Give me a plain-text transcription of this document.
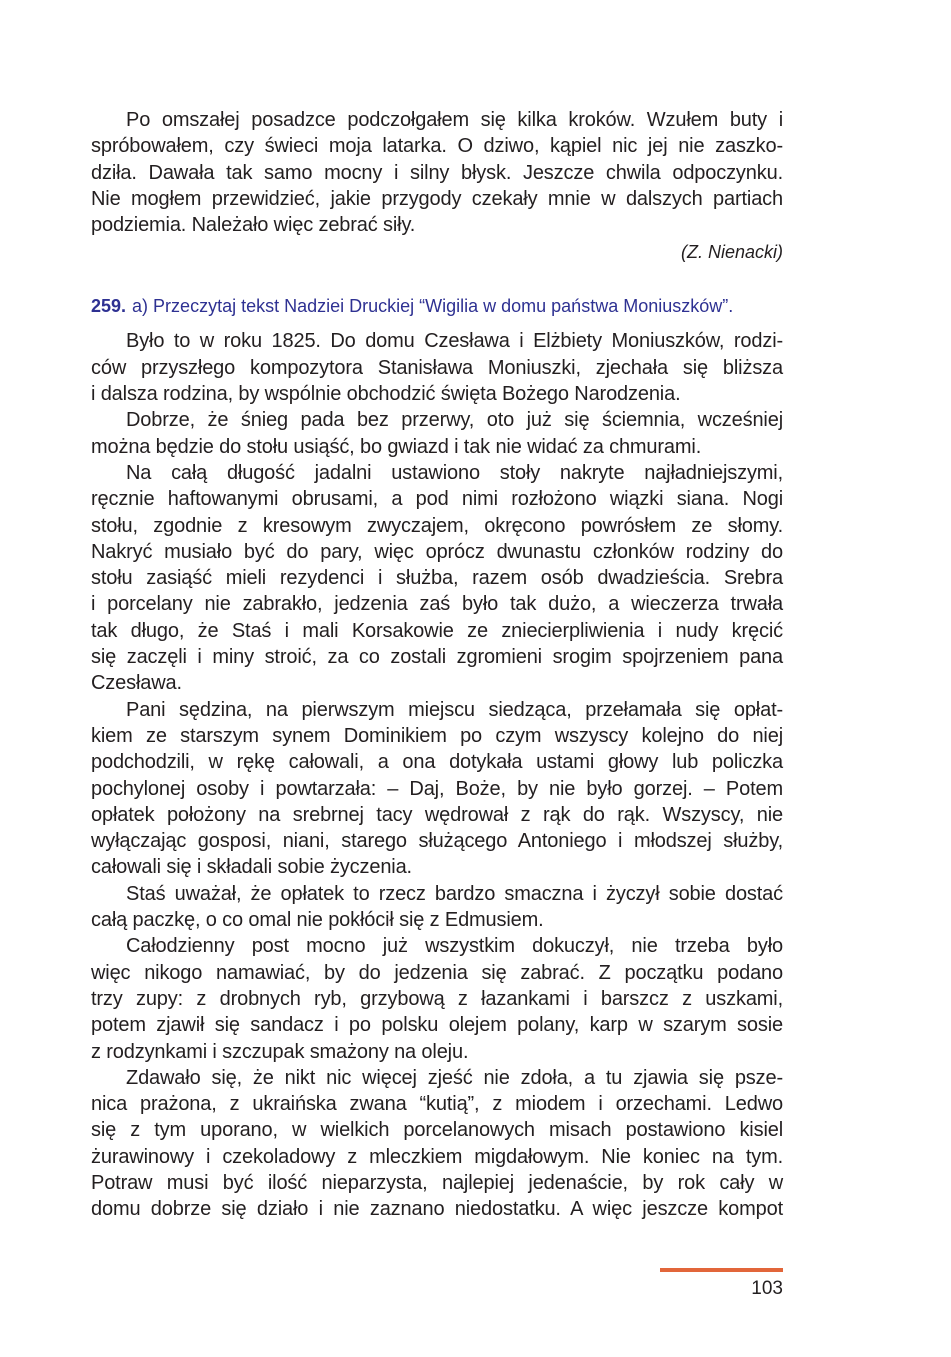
Po omszałej posadzce podczołgałem się kilka kroków. Wzułem buty i
spróbowałem, czy świeci moja latarka. O dziwo, kąpiel nic jej nie zaszko-
dziła. Dawała tak samo mocny i silny błysk. Jeszcze chwila odpoczynku.
Nie mogłem przewidzieć, jakie przygody czekały mnie w dalszych partiach
podziemia. Należało więc zebrać siły.
(Z. Nienacki)
259. a) Przeczytaj tekst Nadziei Druckiej “Wigilia w domu państwa Moniuszków”.
Było to w roku 1825. Do domu Czesława i Elżbiety Moniuszków, rodzi-
ców przyszłego kompozytora Stanisława Moniuszki, zjechała się bliższa
i dalsza rodzina, by wspólnie obchodzić święta Bożego Narodzenia.
Dobrze, że śnieg pada bez przerwy, oto już się ściemnia, wcześniej
można będzie do stołu usiąść, bo gwiazd i tak nie widać za chmurami.
Na całą długość jadalni ustawiono stoły nakryte najładniejszymi,
ręcznie haftowanymi obrusami, a pod nimi rozłożono wiązki siana. Nogi
stołu, zgodnie z kresowym zwyczajem, okręcono powrósłem ze słomy.
Nakryć musiało być do pary, więc oprócz dwunastu członków rodziny do
stołu zasiąść mieli rezydenci i służba, razem osób dwadzieścia. Srebra
i porcelany nie zabrakło, jedzenia zaś było tak dużo, a wieczerza trwała
tak długo, że Staś i mali Korsakowie ze zniecierpliwienia i nudy kręcić
się zaczęli i miny stroić, za co zostali zgromieni srogim spojrzeniem pana
Czesława.
Pani sędzina, na pierwszym miejscu siedząca, przełamała się opłat-
kiem ze starszym synem Dominikiem po czym wszyscy kolejno do niej
podchodzili, w rękę całowali, a ona dotykała ustami głowy lub policzka
pochylonej osoby i powtarzała: – Daj, Boże, by nie było gorzej. – Potem
opłatek położony na srebrnej tacy wędrował z rąk do rąk. Wszyscy, nie
wyłączając gosposi, niani, starego służącego Antoniego i młodszej służby,
całowali się i składali sobie życzenia.
Staś uważał, że opłatek to rzecz bardzo smaczna i życzył sobie dostać
całą paczkę, o co omal nie pokłócił się z Edmusiem.
Całodzienny post mocno już wszystkim dokuczył, nie trzeba było
więc nikogo namawiać, by do jedzenia się zabrać. Z początku podano
trzy zupy: z drobnych ryb, grzybową z łazankami i barszcz z uszkami,
potem zjawił się sandacz i po polsku olejem polany, karp w szarym sosie
z rodzynkami i szczupak smażony na oleju.
Zdawało się, że nikt nic więcej zjeść nie zdoła, a tu zjawia się psze-
nica prażona, z ukraińska zwana “kutią”, z miodem i orzechami. Ledwo
się z tym uporano, w wielkich porcelanowych misach postawiono kisiel
żurawinowy i czekoladowy z mleczkiem migdałowym. Nie koniec na tym.
Potraw musi być ilość nieparzysta, najlepiej jedenaście, by rok cały w
domu dobrze się działo i nie zaznano niedostatku. A więc jeszcze kompot
103
